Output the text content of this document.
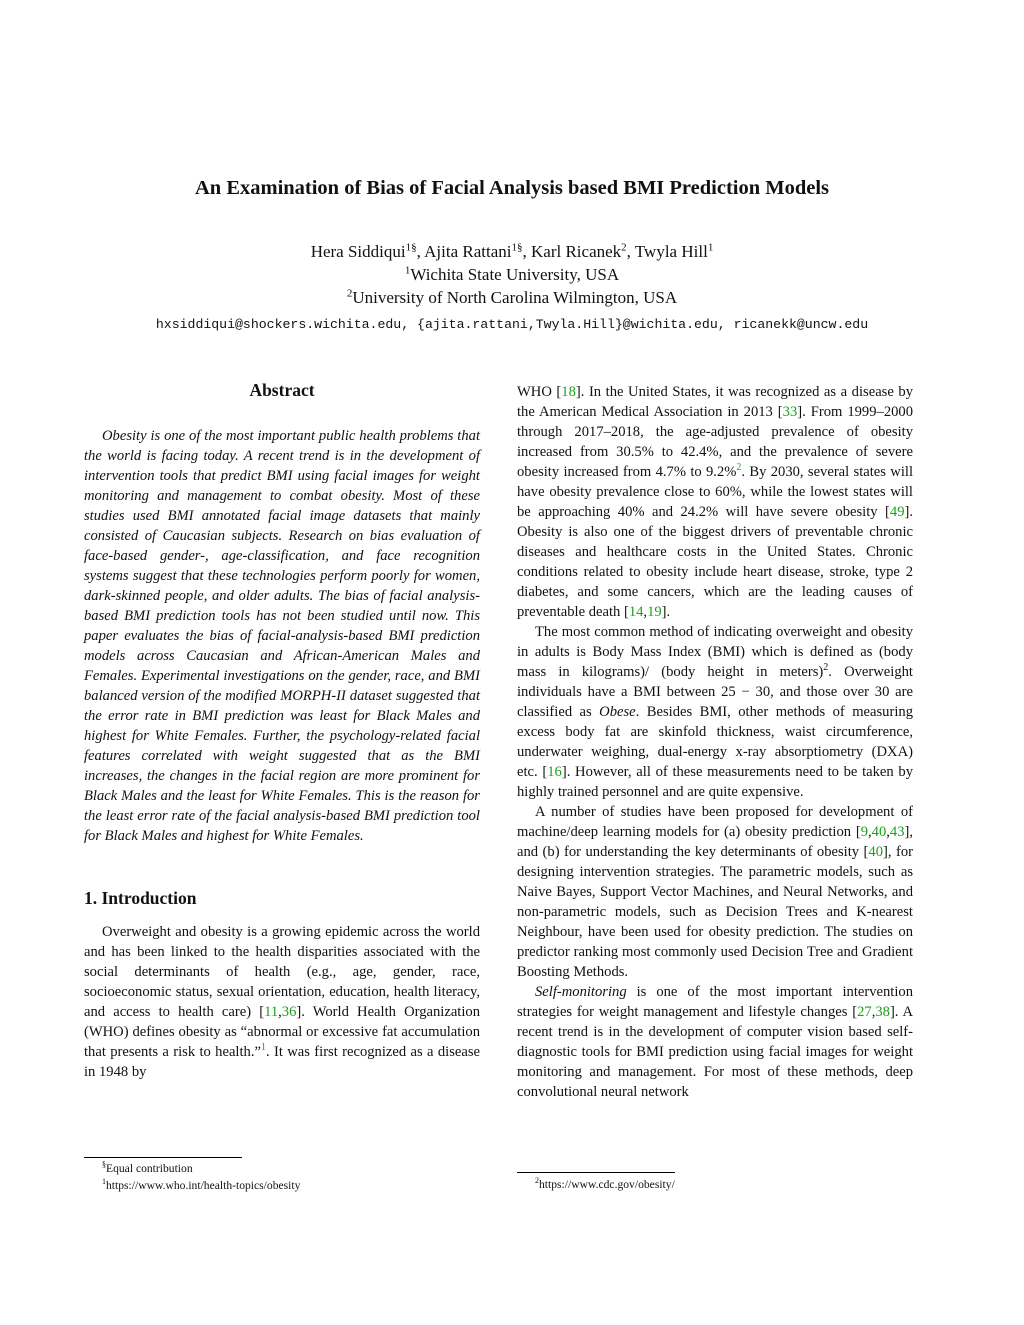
An Examination of Bias of Facial Analysis based BMI Prediction Models
Hera Siddiqui$^{1\S}$, Ajita Rattani$^{1\S}$, Karl Ricanek$^2$, Twyla Hill$^1$
$^1$Wichita State University, USA
$^2$University of North Carolina Wilmington, USA
hxsiddiqui@shockers.wichita.edu, {ajita.rattani,Twyla.Hill}@wichita.edu, ricanekk@uncw.edu
Abstract

Obesity is one of the most important public health problems that the world is facing today. A recent trend is in the development of intervention tools that predict BMI using facial images for weight monitoring and management to combat obesity. Most of these studies used BMI annotated facial image datasets that mainly consisted of Caucasian subjects. Research on bias evaluation of face-based gender-, age-classification, and face recognition systems suggest that these technologies perform poorly for women, dark-skinned people, and older adults. The bias of facial analysis-based BMI prediction tools has not been studied until now. This paper evaluates the bias of facial-analysis-based BMI prediction models across Caucasian and African-American Males and Females. Experimental investigations on the gender, race, and BMI balanced version of the modified MORPH-II dataset suggested that the error rate in BMI prediction was least for Black Males and highest for White Females. Further, the psychology-related facial features correlated with weight suggested that as the BMI increases, the changes in the facial region are more prominent for Black Males and the least for White Females. This is the reason for the least error rate of the facial analysis-based BMI prediction tool for Black Males and highest for White Females.

1. Introduction

Overweight and obesity is a growing epidemic across the world and has been linked to the health disparities associated with the social determinants of health (e.g., age, gender, race, socioeconomic status, sexual orientation, education, health literacy, and access to health care) [11,36]. World Health Organization (WHO) defines obesity as “abnormal or excessive fat accumulation that presents a risk to health.”$^1$. It was first recognized as a disease in 1948 by

§Equal contribution
$^1$https://www.who.int/health-topics/obesity

WHO [18]. In the United States, it was recognized as a disease by the American Medical Association in 2013 [33]. From 1999–2000 through 2017–2018, the age-adjusted prevalence of obesity increased from 30.5% to 42.4%, and the prevalence of severe obesity increased from 4.7% to 9.2%$^2$. By 2030, several states will have obesity prevalence close to 60%, while the lowest states will be approaching 40% and 24.2% will have severe obesity [49]. Obesity is also one of the biggest drivers of preventable chronic diseases and healthcare costs in the United States. Chronic conditions related to obesity include heart disease, stroke, type 2 diabetes, and some cancers, which are the leading causes of preventable death [14,19].

The most common method of indicating overweight and obesity in adults is Body Mass Index (BMI) which is defined as (body mass in kilograms)/ (body height in meters)$^2$. Overweight individuals have a BMI between 25 − 30, and those over 30 are classified as Obese. Besides BMI, other methods of measuring excess body fat are skinfold thickness, waist circumference, underwater weighing, dual-energy x-ray absorptiometry (DXA) etc. [16]. However, all of these measurements need to be taken by highly trained personnel and are quite expensive.

A number of studies have been proposed for development of machine/deep learning models for (a) obesity prediction [9,40,43], and (b) for understanding the key determinants of obesity [40], for designing intervention strategies. The parametric models, such as Naive Bayes, Support Vector Machines, and Neural Networks, and non-parametric models, such as Decision Trees and K-nearest Neighbour, have been used for obesity prediction. The studies on predictor ranking most commonly used Decision Tree and Gradient Boosting Methods.

Self-monitoring is one of the most important intervention strategies for weight management and lifestyle changes [27,38]. A recent trend is in the development of computer vision based self-diagnostic tools for BMI prediction using facial images for weight monitoring and management. For most of these methods, deep convolutional neural network

$^2$https://www.cdc.gov/obesity/
